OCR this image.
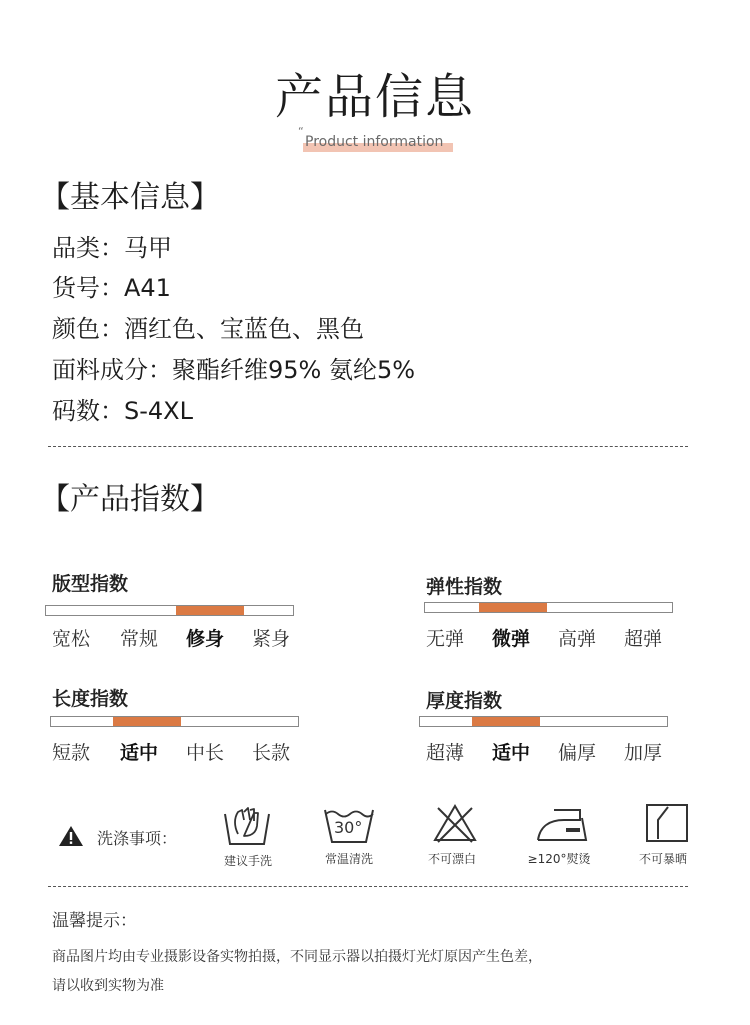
产品信息
“
Product information
【基本信息】
品类：马甲
货号：A41
颜色：酒红色、宝蓝色、黑色
面料成分：聚酯纤维95% 氨纶5%
码数：S-4XL
【产品指数】
版型指数
宽松 常规 修身 紧身
弹性指数
无弹 微弹 高弹 超弹
长度指数
短款 适中 中长 长款
厚度指数
超薄 适中 偏厚 加厚
洗涤事项：
建议手洗
30°
常温清洗	不可漂白	≥120°熨烫	不可暴晒
温馨提示：
商品图片均由专业摄影设备实物拍摄，不同显示器以拍摄灯光灯原因产生色差，
请以收到实物为准
